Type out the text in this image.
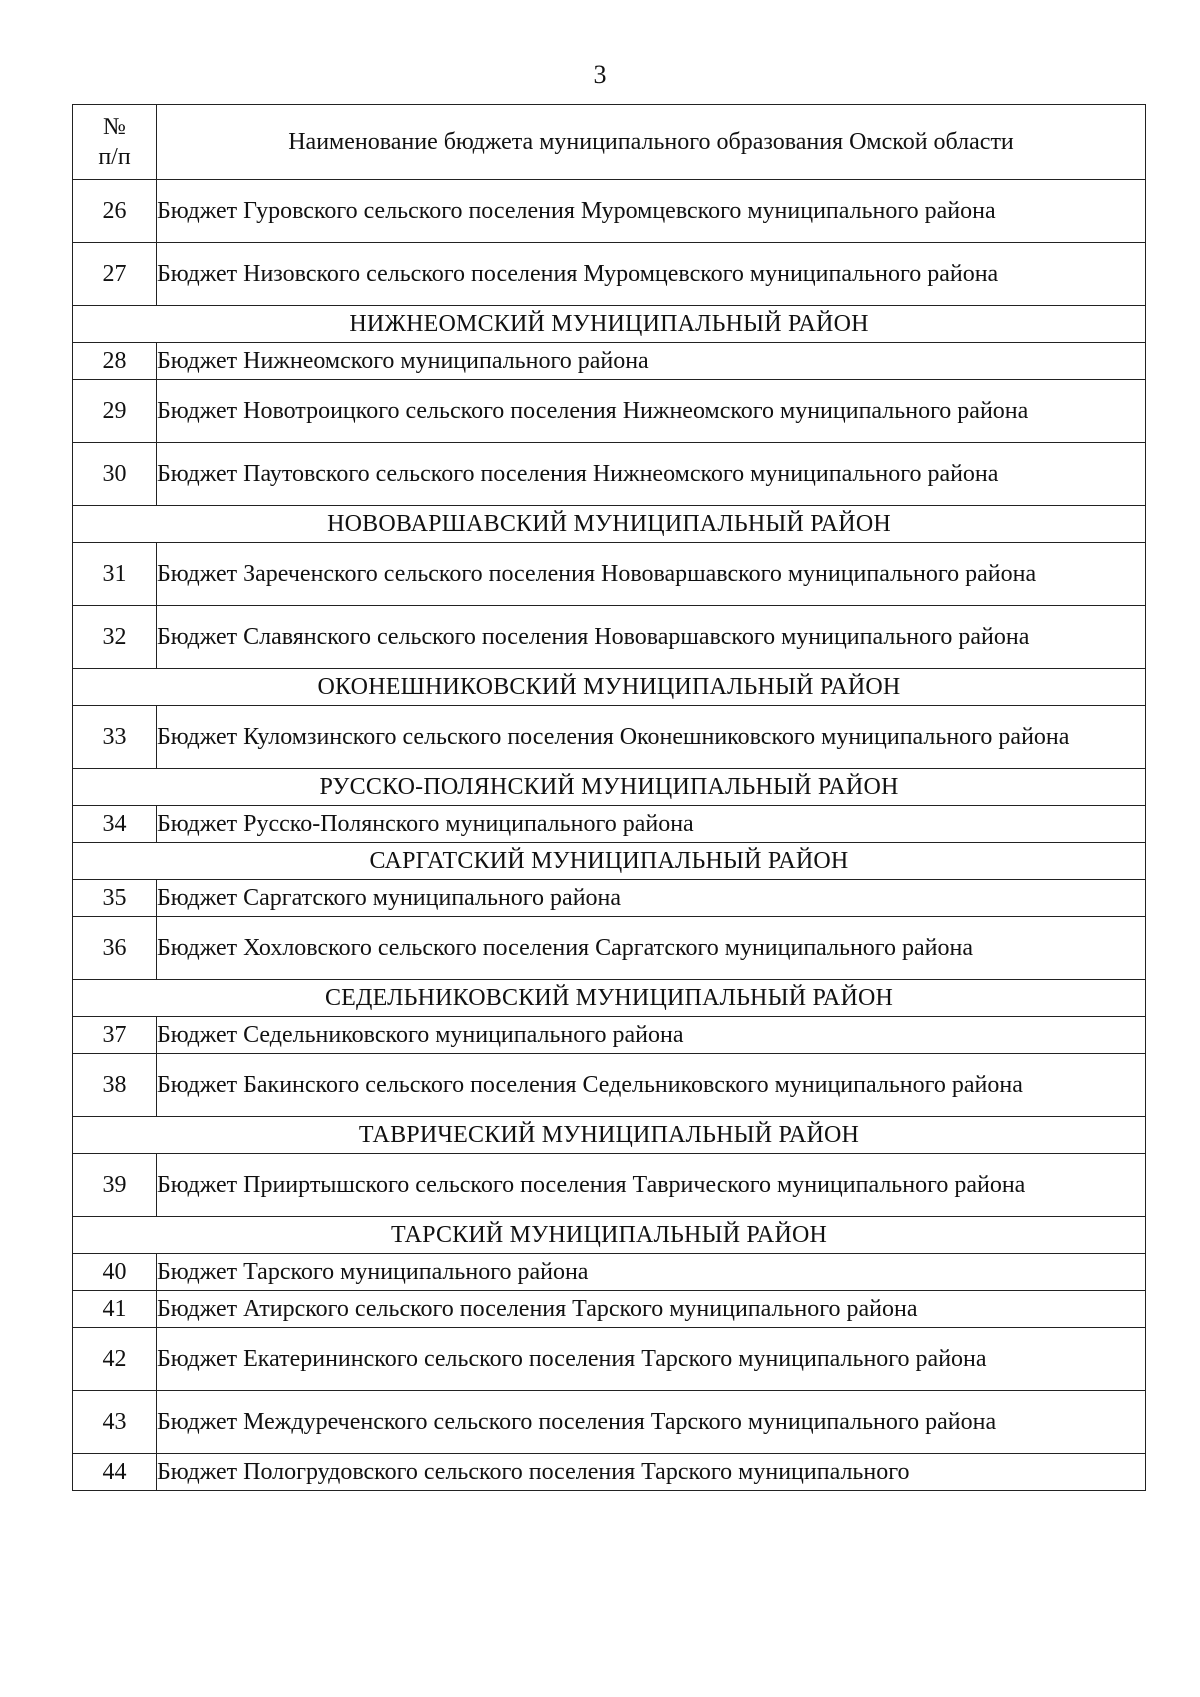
3
№
п/п	Наименование бюджета муниципального образования Омской области
26	Бюджет Гуровского сельского поселения Муромцевского муниципального района
27	Бюджет Низовского сельского поселения Муромцевского муниципального района
НИЖНЕОМСКИЙ МУНИЦИПАЛЬНЫЙ РАЙОН	
28	Бюджет Нижнеомского муниципального района
29	Бюджет Новотроицкого сельского поселения Нижнеомского муниципального района
30	Бюджет Паутовского сельского поселения Нижнеомского муниципального района
НОВОВАРШАВСКИЙ МУНИЦИПАЛЬНЫЙ РАЙОН	
31	Бюджет Зареченского сельского поселения Нововаршавского муниципального района
32	Бюджет Славянского сельского поселения Нововаршавского муниципального района
ОКОНЕШНИКОВСКИЙ МУНИЦИПАЛЬНЫЙ РАЙОН	
33	Бюджет Куломзинского сельского поселения Оконешниковского муниципального района
РУССКО-ПОЛЯНСКИЙ МУНИЦИПАЛЬНЫЙ РАЙОН	
34	Бюджет Русско-Полянского муниципального района
САРГАТСКИЙ МУНИЦИПАЛЬНЫЙ РАЙОН	
35	Бюджет Саргатского муниципального района
36	Бюджет Хохловского сельского поселения Саргатского муниципального района
СЕДЕЛЬНИКОВСКИЙ МУНИЦИПАЛЬНЫЙ РАЙОН	
37	Бюджет Седельниковского муниципального района
38	Бюджет Бакинского сельского поселения Седельниковского муниципального района
ТАВРИЧЕСКИЙ МУНИЦИПАЛЬНЫЙ РАЙОН	
39	Бюджет Прииртышского сельского поселения Таврического муниципального района
ТАРСКИЙ МУНИЦИПАЛЬНЫЙ РАЙОН	
40	Бюджет Тарского муниципального района
41	Бюджет Атирского сельского поселения Тарского муниципального района
42	Бюджет Екатерининского сельского поселения Тарского муниципального района
43	Бюджет Междуреченского сельского поселения Тарского муниципального района
44	Бюджет Пологрудовского сельского поселения Тарского муниципального
